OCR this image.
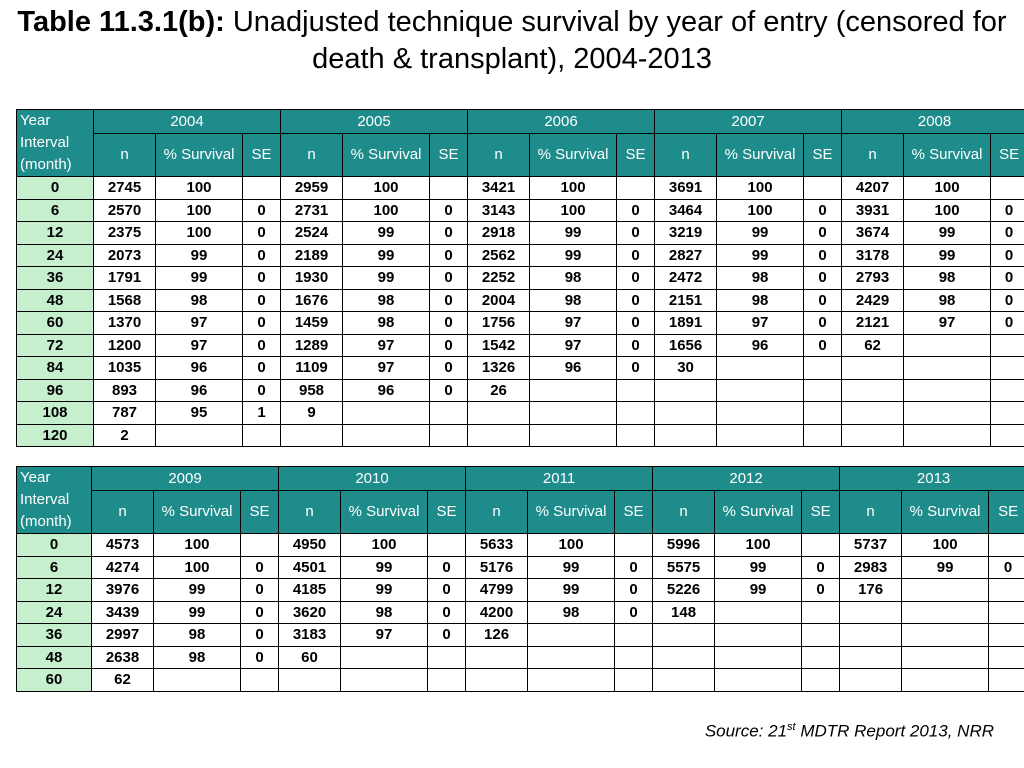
Table 11.3.1(b): Unadjusted technique survival by year of entry (censored for death & transplant), 2004-2013
Year Interval (month)	2004			2005			2006			2007			2008		
	n	% Survival	SE	n	% Survival	SE	n	% Survival	SE	n	% Survival	SE	n	% Survival	SE
0	2745	100		2959	100		3421	100		3691	100		4207	100	
6	2570	100	0	2731	100	0	3143	100	0	3464	100	0	3931	100	0
12	2375	100	0	2524	99	0	2918	99	0	3219	99	0	3674	99	0
24	2073	99	0	2189	99	0	2562	99	0	2827	99	0	3178	99	0
36	1791	99	0	1930	99	0	2252	98	0	2472	98	0	2793	98	0
48	1568	98	0	1676	98	0	2004	98	0	2151	98	0	2429	98	0
60	1370	97	0	1459	98	0	1756	97	0	1891	97	0	2121	97	0
72	1200	97	0	1289	97	0	1542	97	0	1656	96	0	62		
84	1035	96	0	1109	97	0	1326	96	0	30					
96	893	96	0	958	96	0	26								
108	787	95	1	9											
120	2														
Year Interval (month)	2009			2010			2011			2012			2013		
	n	% Survival	SE	n	% Survival	SE	n	% Survival	SE	n	% Survival	SE	n	% Survival	SE
0	4573	100		4950	100		5633	100		5996	100		5737	100	
6	4274	100	0	4501	99	0	5176	99	0	5575	99	0	2983	99	0
12	3976	99	0	4185	99	0	4799	99	0	5226	99	0	176		
24	3439	99	0	3620	98	0	4200	98	0	148					
36	2997	98	0	3183	97	0	126								
48	2638	98	0	60											
60	62														
Source: 21st MDTR Report 2013, NRR
